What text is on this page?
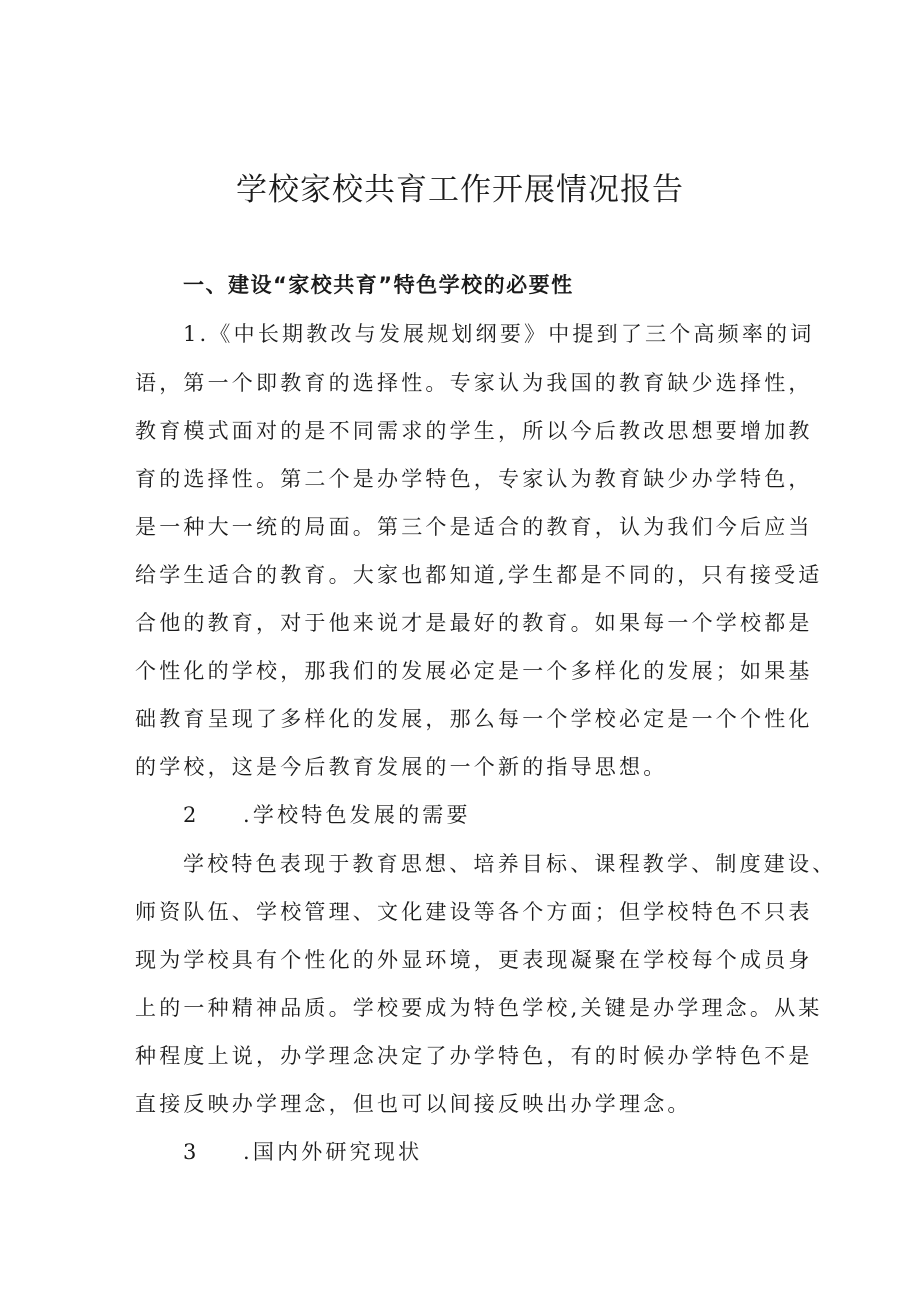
学校家校共育工作开展情况报告
一、建设“家校共育”特色学校的必要性
1.《中长期教改与发展规划纲要》中提到了三个高频率的词
语，第一个即教育的选择性。专家认为我国的教育缺少选择性，
教育模式面对的是不同需求的学生，所以今后教改思想要增加教
育的选择性。第二个是办学特色，专家认为教育缺少办学特色，
是一种大一统的局面。第三个是适合的教育，认为我们今后应当
给学生适合的教育。大家也都知道,学生都是不同的，只有接受适
合他的教育，对于他来说才是最好的教育。如果每一个学校都是
个性化的学校，那我们的发展必定是一个多样化的发展；如果基
础教育呈现了多样化的发展，那么每一个学校必定是一个个性化
的学校，这是今后教育发展的一个新的指导思想。
2 .学校特色发展的需要
学校特色表现于教育思想、培养目标、课程教学、制度建设、
师资队伍、学校管理、文化建设等各个方面；但学校特色不只表
现为学校具有个性化的外显环境，更表现凝聚在学校每个成员身
上的一种精神品质。学校要成为特色学校,关键是办学理念。从某
种程度上说，办学理念决定了办学特色，有的时候办学特色不是
直接反映办学理念，但也可以间接反映出办学理念。
3 .国内外研究现状
